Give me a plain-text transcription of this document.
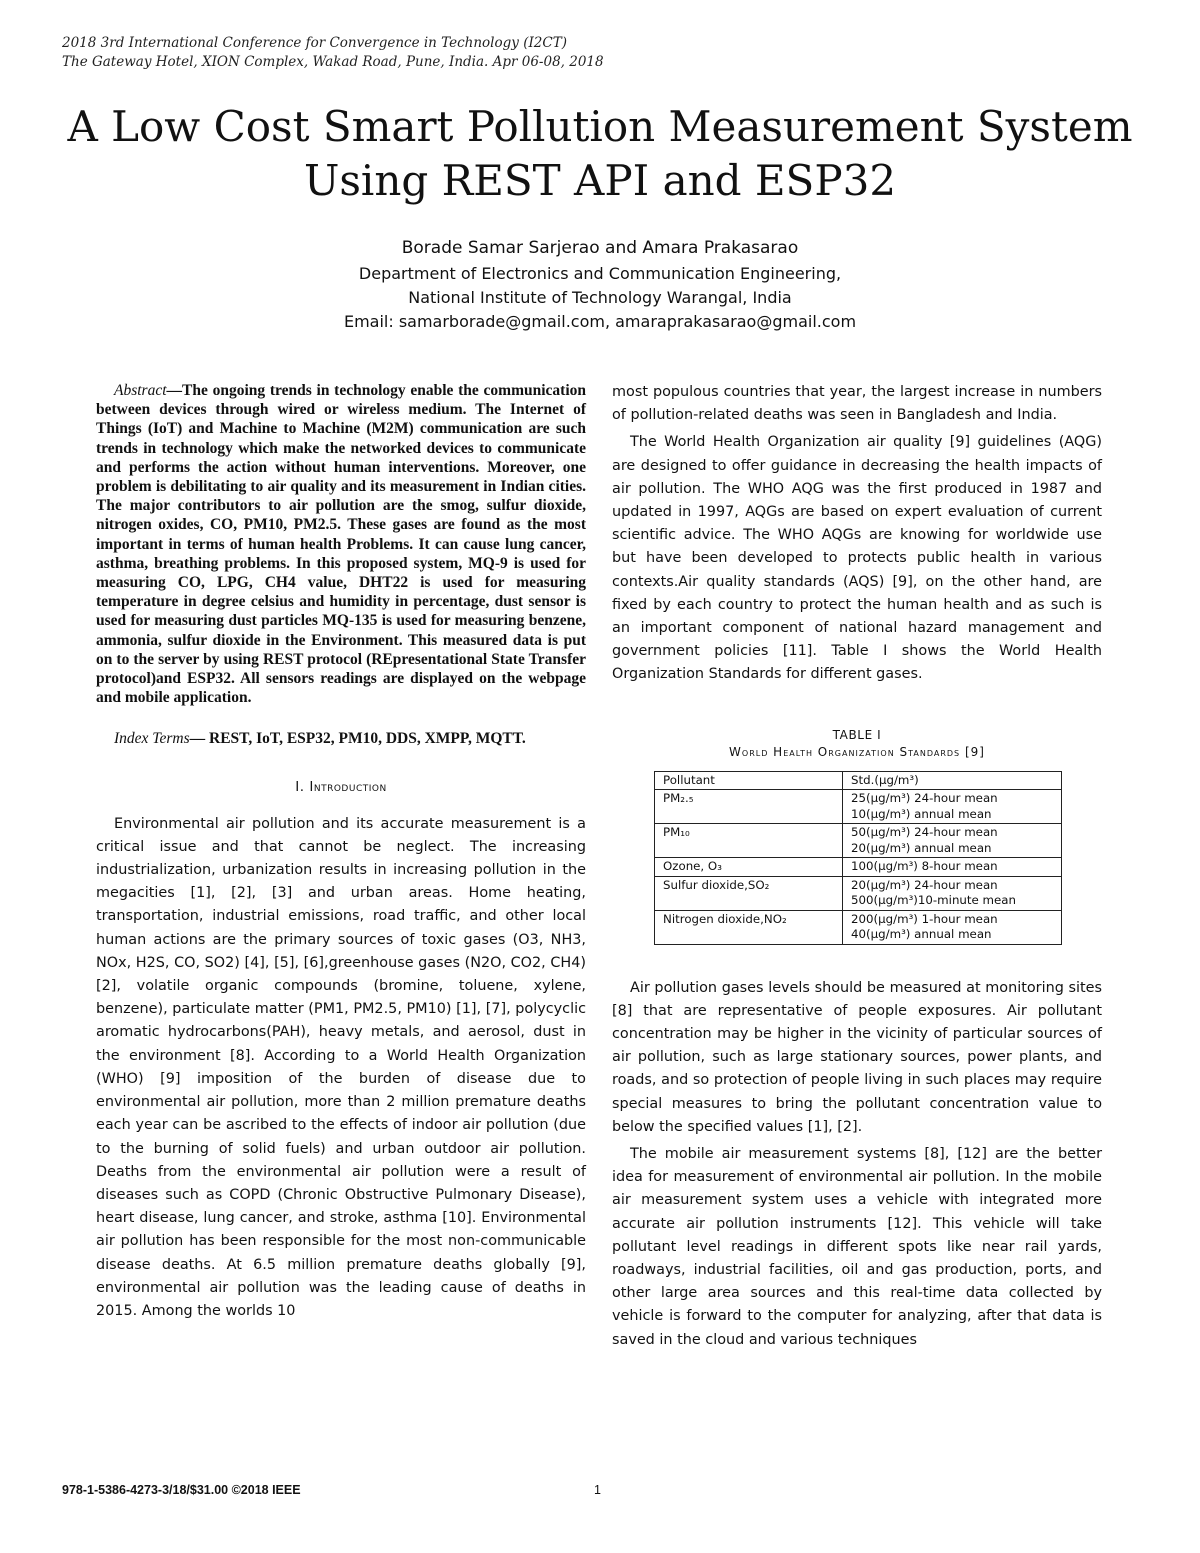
2018 3rd International Conference for Convergence in Technology (I2CT)
The Gateway Hotel, XION Complex, Wakad Road, Pune, India. Apr 06-08, 2018
A Low Cost Smart Pollution Measurement System
Using REST API and ESP32
Borade Samar Sarjerao and Amara Prakasarao
Department of Electronics and Communication Engineering,
National Institute of Technology Warangal, India
Email: samarborade@gmail.com, amaraprakasarao@gmail.com

Abstract—The ongoing trends in technology enable the communication between devices through wired or wireless medium. The Internet of Things (IoT) and Machine to Machine (M2M) communication are such trends in technology which make the networked devices to communicate and performs the action without human interventions. Moreover, one problem is debilitating to air quality and its measurement in Indian cities. The major contributors to air pollution are the smog, sulfur dioxide, nitrogen oxides, CO, PM10, PM2.5. These gases are found as the most important in terms of human health Problems. It can cause lung cancer, asthma, breathing problems. In this proposed system, MQ-9 is used for measuring CO, LPG, CH4 value, DHT22 is used for measuring temperature in degree celsius and humidity in percentage, dust sensor is used for measuring dust particles MQ-135 is used for measuring benzene, ammonia, sulfur dioxide in the Environment. This measured data is put on to the server by using REST protocol (REpresentational State Transfer protocol)and ESP32. All sensors readings are displayed on the webpage and mobile application.

Index Terms— REST, IoT, ESP32, PM10, DDS, XMPP, MQTT.

I. Introduction

Environmental air pollution and its accurate measurement is a critical issue and that cannot be neglect. The increasing industrialization, urbanization results in increasing pollution in the megacities [1], [2], [3] and urban areas. Home heating, transportation, industrial emissions, road traffic, and other local human actions are the primary sources of toxic gases (O3, NH3, NOx, H2S, CO, SO2) [4], [5], [6],greenhouse gases (N2O, CO2, CH4) [2], volatile organic compounds (bromine, toluene, xylene, benzene), particulate matter (PM1, PM2.5, PM10) [1], [7], polycyclic aromatic hydrocarbons(PAH), heavy metals, and aerosol, dust in the environment [8]. According to a World Health Organization (WHO) [9] imposition of the burden of disease due to environmental air pollution, more than 2 million premature deaths each year can be ascribed to the effects of indoor air pollution (due to the burning of solid fuels) and urban outdoor air pollution. Deaths from the environmental air pollution were a result of diseases such as COPD (Chronic Obstructive Pulmonary Disease), heart disease, lung cancer, and stroke, asthma [10]. Environmental air pollution has been responsible for the most non-communicable disease deaths. At 6.5 million premature deaths globally [9], environmental air pollution was the leading cause of deaths in 2015. Among the worlds 10

most populous countries that year, the largest increase in numbers of pollution-related deaths was seen in Bangladesh and India.

The World Health Organization air quality [9] guidelines (AQG) are designed to offer guidance in decreasing the health impacts of air pollution. The WHO AQG was the first produced in 1987 and updated in 1997, AQGs are based on expert evaluation of current scientific advice. The WHO AQGs are knowing for worldwide use but have been developed to protects public health in various contexts.Air quality standards (AQS) [9], on the other hand, are fixed by each country to protect the human health and as such is an important component of national hazard management and government policies [11]. Table I shows the World Health Organization Standards for different gases.

TABLE I
World Health Organization Standards [9]
Pollutant	Std.(μg/m³)
PM₂.₅	25(μg/m³) 24-hour mean
10(μg/m³) annual mean

PM₁₀	50(μg/m³) 24-hour mean
20(μg/m³) annual mean

Ozone, O₃	100(μg/m³) 8-hour mean

Sulfur dioxide,SO₂	20(μg/m³) 24-hour mean
500(μg/m³)10-minute mean

Nitrogen dioxide,NO₂	200(μg/m³) 1-hour mean
40(μg/m³) annual mean

Air pollution gases levels should be measured at monitoring sites [8] that are representative of people exposures. Air pollutant concentration may be higher in the vicinity of particular sources of air pollution, such as large stationary sources, power plants, and roads, and so protection of people living in such places may require special measures to bring the pollutant concentration value to below the specified values [1], [2].

The mobile air measurement systems [8], [12] are the better idea for measurement of environmental air pollution. In the mobile air measurement system uses a vehicle with integrated more accurate air pollution instruments [12]. This vehicle will take pollutant level readings in different spots like near rail yards, roadways, industrial facilities, oil and gas production, ports, and other large area sources and this real-time data collected by vehicle is forward to the computer for analyzing, after that data is saved in the cloud and various techniques

978-1-5386-4273-3/18/$31.00 ©2018 IEEE	1
